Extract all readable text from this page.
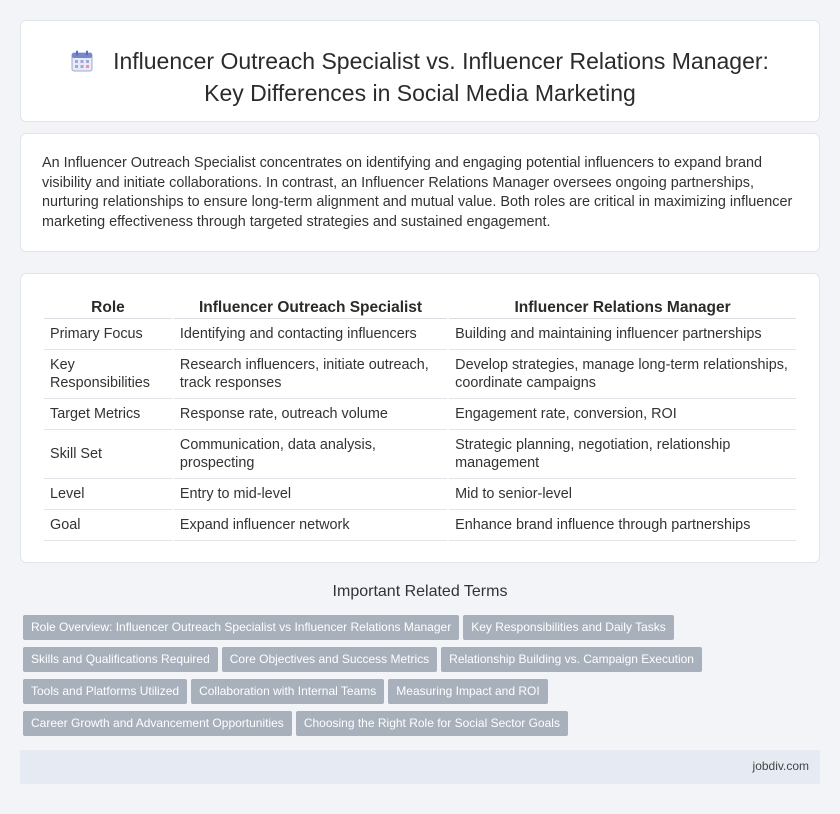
Influencer Outreach Specialist vs. Influencer Relations Manager:
Key Differences in Social Media Marketing

An Influencer Outreach Specialist concentrates on identifying and engaging potential influencers to expand brand visibility and initiate collaborations. In contrast, an Influencer Relations Manager oversees ongoing partnerships, nurturing relationships to ensure long-term alignment and mutual value. Both roles are critical in maximizing influencer marketing effectiveness through targeted strategies and sustained engagement.

Role	Influencer Outreach Specialist	Influencer Relations Manager
Primary Focus	Identifying and contacting influencers	Building and maintaining influencer partnerships
Key Responsibilities	Research influencers, initiate outreach, track responses	Develop strategies, manage long-term relationships, coordinate campaigns
Target Metrics	Response rate, outreach volume	Engagement rate, conversion, ROI
Skill Set	Communication, data analysis, prospecting	Strategic planning, negotiation, relationship management
Level	Entry to mid-level	Mid to senior-level
Goal	Expand influencer network	Enhance brand influence through partnerships
Important Related Terms
Role Overview: Influencer Outreach Specialist vs Influencer Relations Manager Key Responsibilities and Daily Tasks
Skills and Qualifications Required Core Objectives and Success Metrics Relationship Building vs. Campaign Execution
Tools and Platforms Utilized Collaboration with Internal Teams Measuring Impact and ROI
Career Growth and Advancement Opportunities Choosing the Right Role for Social Sector Goals
jobdiv.com
